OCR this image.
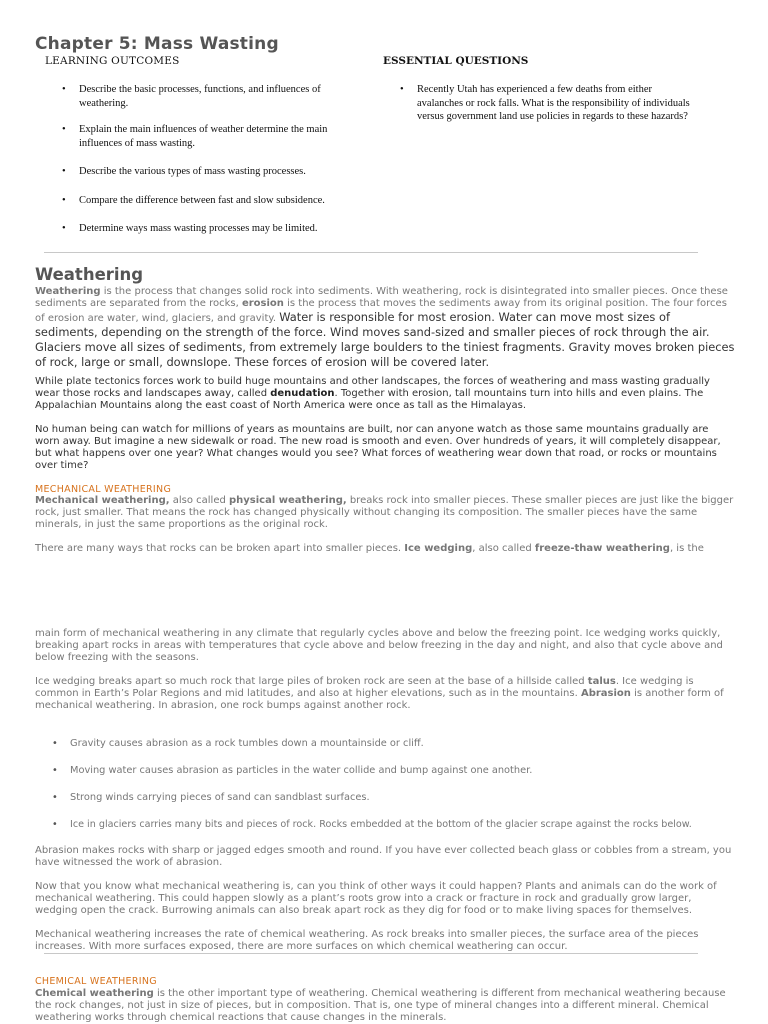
Chapter 5: Mass Wasting
LEARNING OUTCOMES	ESSENTIAL QUESTIONS
• Describe the basic processes, functions, and influences of weathering.
• Explain the main influences of weather determine the main influences of mass wasting.
• Describe the various types of mass wasting processes.
• Compare the difference between fast and slow subsidence.
• Determine ways mass wasting processes may be limited.
• Recently Utah has experienced a few deaths from either avalanches or rock falls. What is the responsibility of individuals versus government land use policies in regards to these hazards?
Weathering
Weathering is the process that changes solid rock into sediments. With weathering, rock is disintegrated into smaller pieces. Once these sediments are separated from the rocks, erosion is the process that moves the sediments away from its original position. The four forces of erosion are water, wind, glaciers, and gravity. Water is responsible for most erosion. Water can move most sizes of sediments, depending on the strength of the force. Wind moves sand-sized and smaller pieces of rock through the air. Glaciers move all sizes of sediments, from extremely large boulders to the tiniest fragments. Gravity moves broken pieces of rock, large or small, downslope. These forces of erosion will be covered later.
While plate tectonics forces work to build huge mountains and other landscapes, the forces of weathering and mass wasting gradually wear those rocks and landscapes away, called denudation. Together with erosion, tall mountains turn into hills and even plains. The Appalachian Mountains along the east coast of North America were once as tall as the Himalayas.
No human being can watch for millions of years as mountains are built, nor can anyone watch as those same mountains gradually are worn away. But imagine a new sidewalk or road. The new road is smooth and even. Over hundreds of years, it will completely disappear, but what happens over one year? What changes would you see? What forces of weathering wear down that road, or rocks or mountains over time?
MECHANICAL WEATHERING
Mechanical weathering, also called physical weathering, breaks rock into smaller pieces. These smaller pieces are just like the bigger rock, just smaller. That means the rock has changed physically without changing its composition. The smaller pieces have the same minerals, in just the same proportions as the original rock.
There are many ways that rocks can be broken apart into smaller pieces. Ice wedging, also called freeze-thaw weathering, is the
main form of mechanical weathering in any climate that regularly cycles above and below the freezing point. Ice wedging works quickly, breaking apart rocks in areas with temperatures that cycle above and below freezing in the day and night, and also that cycle above and below freezing with the seasons.
Ice wedging breaks apart so much rock that large piles of broken rock are seen at the base of a hillside called talus. Ice wedging is common in Earth’s Polar Regions and mid latitudes, and also at higher elevations, such as in the mountains. Abrasion is another form of mechanical weathering. In abrasion, one rock bumps against another rock.
• Gravity causes abrasion as a rock tumbles down a mountainside or cliff.
• Moving water causes abrasion as particles in the water collide and bump against one another.
• Strong winds carrying pieces of sand can sandblast surfaces.
• Ice in glaciers carries many bits and pieces of rock. Rocks embedded at the bottom of the glacier scrape against the rocks below.
Abrasion makes rocks with sharp or jagged edges smooth and round. If you have ever collected beach glass or cobbles from a stream, you have witnessed the work of abrasion.
Now that you know what mechanical weathering is, can you think of other ways it could happen? Plants and animals can do the work of mechanical weathering. This could happen slowly as a plant’s roots grow into a crack or fracture in rock and gradually grow larger, wedging open the crack. Burrowing animals can also break apart rock as they dig for food or to make living spaces for themselves.
Mechanical weathering increases the rate of chemical weathering. As rock breaks into smaller pieces, the surface area of the pieces increases. With more surfaces exposed, there are more surfaces on which chemical weathering can occur.
CHEMICAL WEATHERING
Chemical weathering is the other important type of weathering. Chemical weathering is different from mechanical weathering because the rock changes, not just in size of pieces, but in composition. That is, one type of mineral changes into a different mineral. Chemical weathering works through chemical reactions that cause changes in the minerals.
